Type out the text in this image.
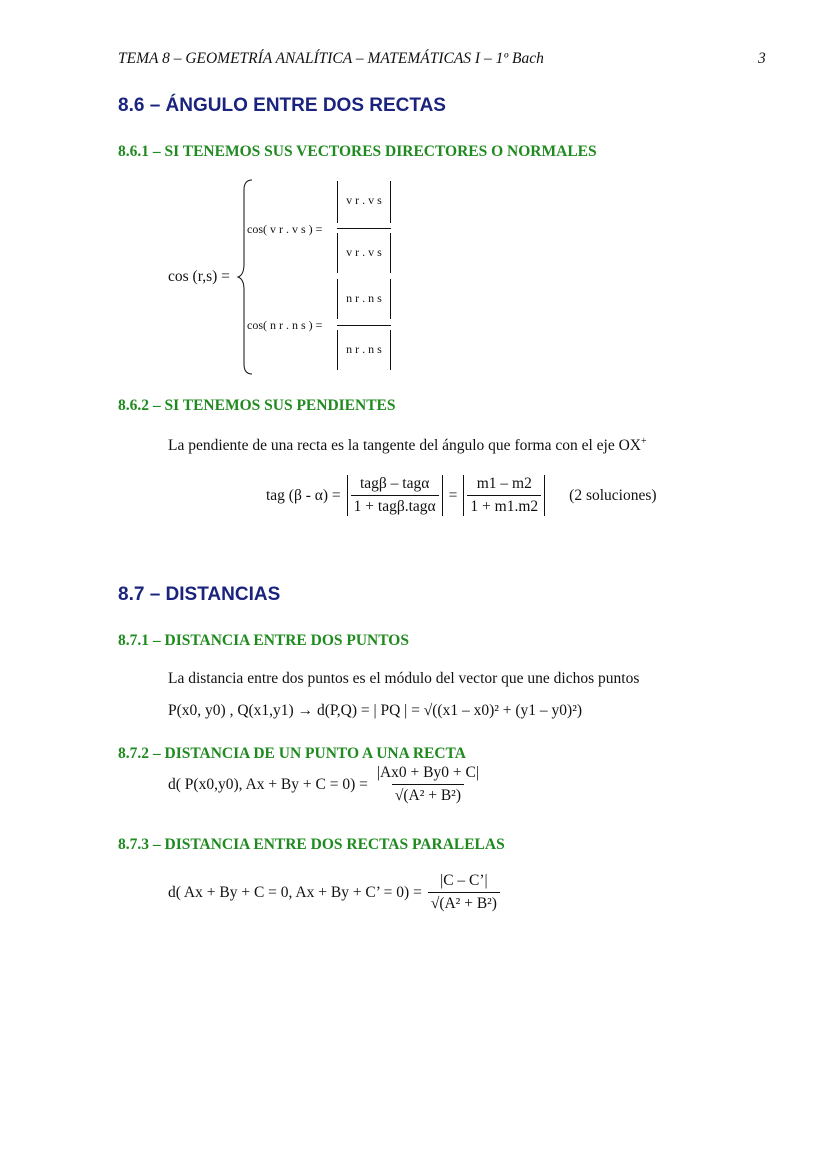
TEMA 8 – GEOMETRÍA ANALÍTICA – MATEMÁTICAS I – 1º Bach	3
8.6 – ÁNGULO ENTRE DOS RECTAS
8.6.1 – SI TENEMOS SUS VECTORES DIRECTORES O NORMALES
cos (r,s) =
cos( v r . v s ) =
v r . v s
v r . v s
cos( n r . n s ) =
n r . n s
n r . n s
8.6.2 – SI TENEMOS SUS PENDIENTES
La pendiente de una recta es la tangente del ángulo que forma con el eje OX+
tag $(\beta - \alpha) = \frac{\text{tagβ – tagα}}{\text{1 + tagβ.tagα}} = \frac{m1 - m2}{1 + m1.m2} (2$ soluciones)
8.7 – DISTANCIAS
8.7.1 – DISTANCIA ENTRE DOS PUNTOS
La distancia entre dos puntos es el módulo del vector que une dichos puntos
P(x0, y0) , Q(x1,y1) → d(P,Q) = | PQ | = √((x1 – x0)² + (y1 – y0)²)
8.7.2 – DISTANCIA DE UN PUNTO A UNA RECTA
d( P(x0,y0), $Ax + By + C = 0) = \frac{|Ax0 + By0 + C|}{\text{√(A² + B²)}}$
8.7.3 – DISTANCIA ENTRE DOS RECTAS PARALELAS
d( Ax + By + C = 0, Ax + By + C’ = $0) = \frac{|C - C’|}{\text{√(A² + B²)}}$
